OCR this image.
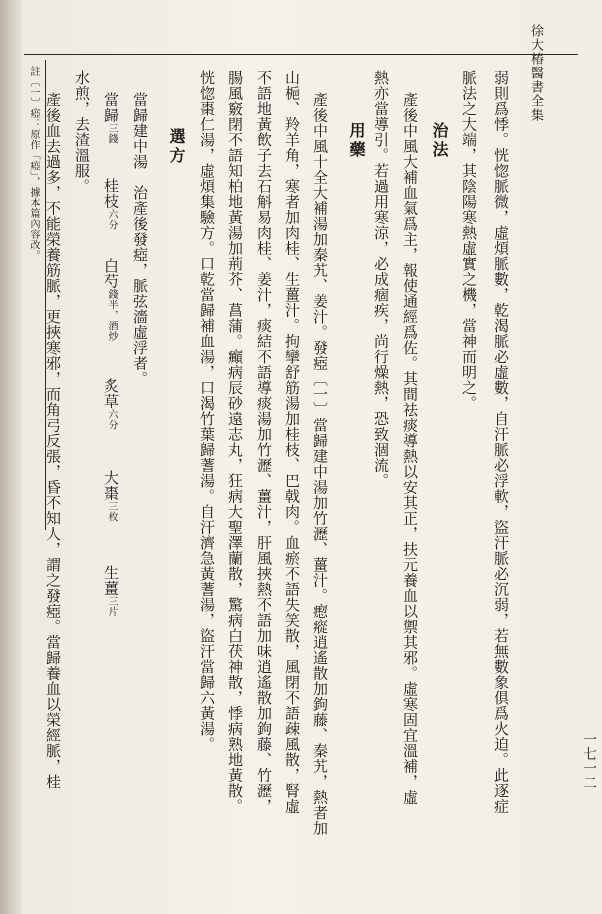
徐大椿醫書全集
一七一二
弱則爲悸。恍惚脈微，虛煩脈數，乾渴脈必虛數，自汗脈必浮軟，盜汗脈必沉弱，若無數象俱爲火迫。此逐症
脈法之大端，其陰陽寒熱虛實之機，當神而明之。
治法
產後中風大補血氣爲主，報使通經爲佐。其間祛痰導熱以安其正，扶元養血以禦其邪。虛寒固宜溫補，虛
熱亦當導引。若過用寒涼，必成痼疾，尚行燥熱，恐致涸流。
用藥
產後中風十全大補湯加秦艽、姜汁。發瘂〔一〕當歸建中湯加竹瀝、薑汁。瘛瘲逍遙散加鉤藤、秦艽，熱者加
山梔、羚羊角，寒者加肉桂、生薑汁。拘攣舒筋湯加桂枝、巴戟肉。血瘀不語失笑散，風閉不語疎風散，腎虛
不語地黃飲子去石斛易肉桂、姜汁，痰結不語導痰湯加竹瀝、薑汁，肝風挾熱不語加味逍遙散加鉤藤、竹瀝，
腸風竅閉不語知柏地黃湯加荊芥、菖蒲。癲病辰砂遠志丸，狂病大聖澤蘭散，驚病白茯神散，悸病熟地黃散。
恍惚棗仁湯，虛煩集驗方。口乾當歸補血湯，口渴竹葉歸蓍湯。自汗濟急黃蓍湯，盜汗當歸六黃湯。
選方
當歸建中湯　治產後發瘂，脈弦濇虛浮者。
當歸三錢
桂枝六分
白芍錢半，酒炒
炙草六分
大棗三枚
生薑三片
水煎，去渣溫服。
產後血去過多，不能榮養筋脈，更挾寒邪，而角弓反張，昏不知人，謂之發瘂。當歸養血以榮經脈，桂
註〔一〕瘂：原作「瘂」，據本篇內容改。
